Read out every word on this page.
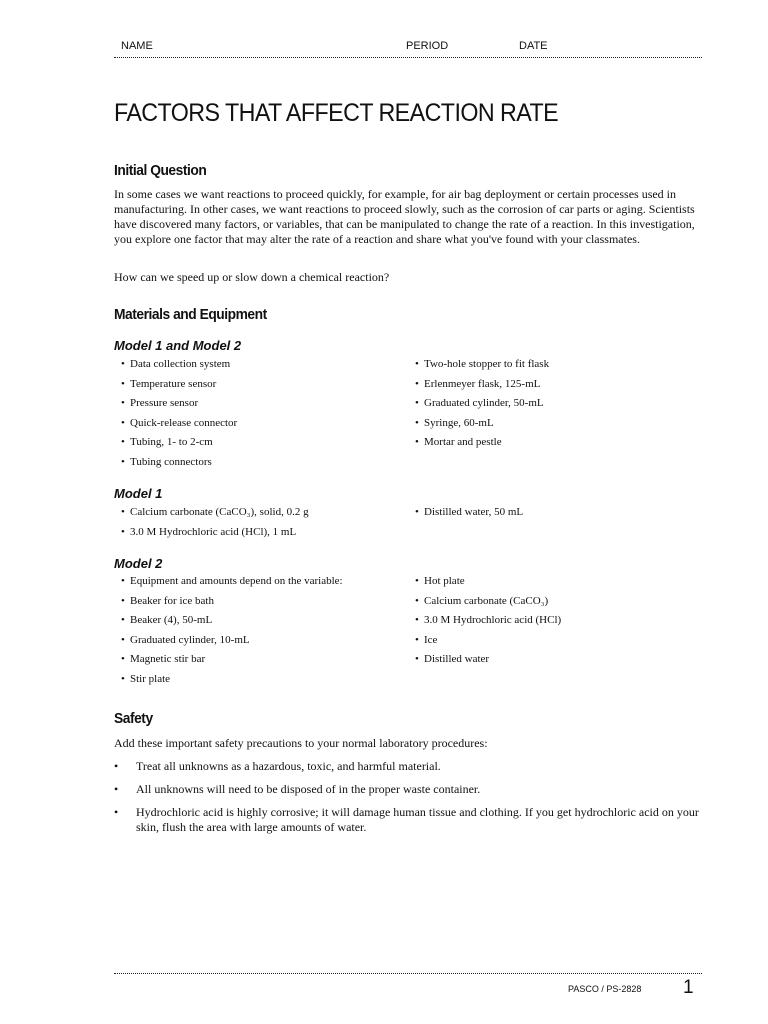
NAME	PERIOD	DATE
FACTORS THAT AFFECT REACTION RATE
Initial Question

In some cases we want reactions to proceed quickly, for example, for air bag deployment or certain processes used in manufacturing. In other cases, we want reactions to proceed slowly, such as the corrosion of car parts or aging. Scientists have discovered many factors, or variables, that can be manipulated to change the rate of a reaction. In this investigation, you explore one factor that may alter the rate of a reaction and share what you've found with your classmates.

How can we speed up or slow down a chemical reaction?

Materials and Equipment
Model 1 and Model 2
• Data collection system
• Temperature sensor
• Pressure sensor
• Quick-release connector
• Tubing, 1- to 2-cm
• Tubing connectors
• Two-hole stopper to fit flask
• Erlenmeyer flask, 125-mL
• Graduated cylinder, 50-mL
• Syringe, 60-mL
• Mortar and pestle
Model 1
• Calcium carbonate (CaCO₃), solid, 0.2 g
• 3.0 M Hydrochloric acid (HCl), 1 mL
• Distilled water, 50 mL
Model 2
• Equipment and amounts depend on the variable:
• Beaker for ice bath
• Beaker (4), 50-mL
• Graduated cylinder, 10-mL
• Magnetic stir bar
• Stir plate
• Hot plate
• Calcium carbonate (CaCO₃)
• 3.0 M Hydrochloric acid (HCl)
• Ice
• Distilled water
Safety

Add these important safety precautions to your normal laboratory procedures:

• Treat all unknowns as a hazardous, toxic, and harmful material.
• All unknowns will need to be disposed of in the proper waste container.
• Hydrochloric acid is highly corrosive; it will damage human tissue and clothing. If you get hydrochloric acid on your skin, flush the area with large amounts of water.
PASCO / PS-2828 1
